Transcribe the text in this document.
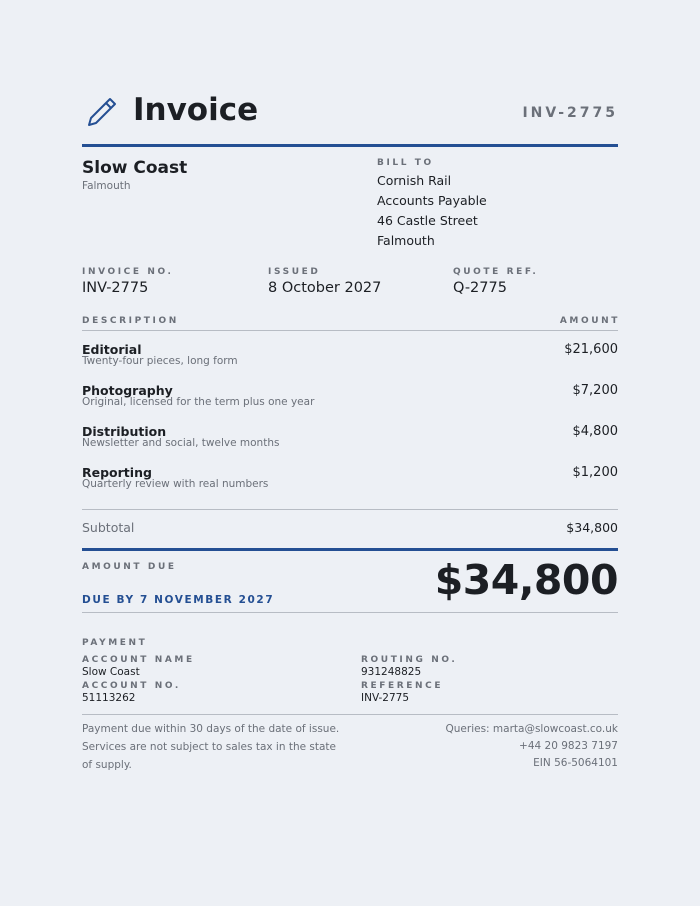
Invoice	INV-2775
Slow Coast
Falmouth
BILL TO
Cornish Rail
Accounts Payable
46 Castle Street
Falmouth
INVOICE NO.
INV-2775
ISSUED
8 October 2027
QUOTE REF.
Q-2775
DESCRIPTION	AMOUNT
Editorial
Twenty-four pieces, long form
$21,600
Photography
Original, licensed for the term plus one year
$7,200
Distribution
Newsletter and social, twelve months
$4,800
Reporting
Quarterly review with real numbers
$1,200
Subtotal	$34,800
AMOUNT DUE
DUE BY 7 NOVEMBER 2027	$34,800
PAYMENT
ACCOUNT NAME
Slow Coast
ROUTING NO.
931248825
ACCOUNT NO.
51113262
REFERENCE
INV-2775
Payment due within 30 days of the date of issue.
Services are not subject to sales tax in the state
of supply.
Queries: marta@slowcoast.co.uk
+44 20 9823 7197
EIN 56-5064101
